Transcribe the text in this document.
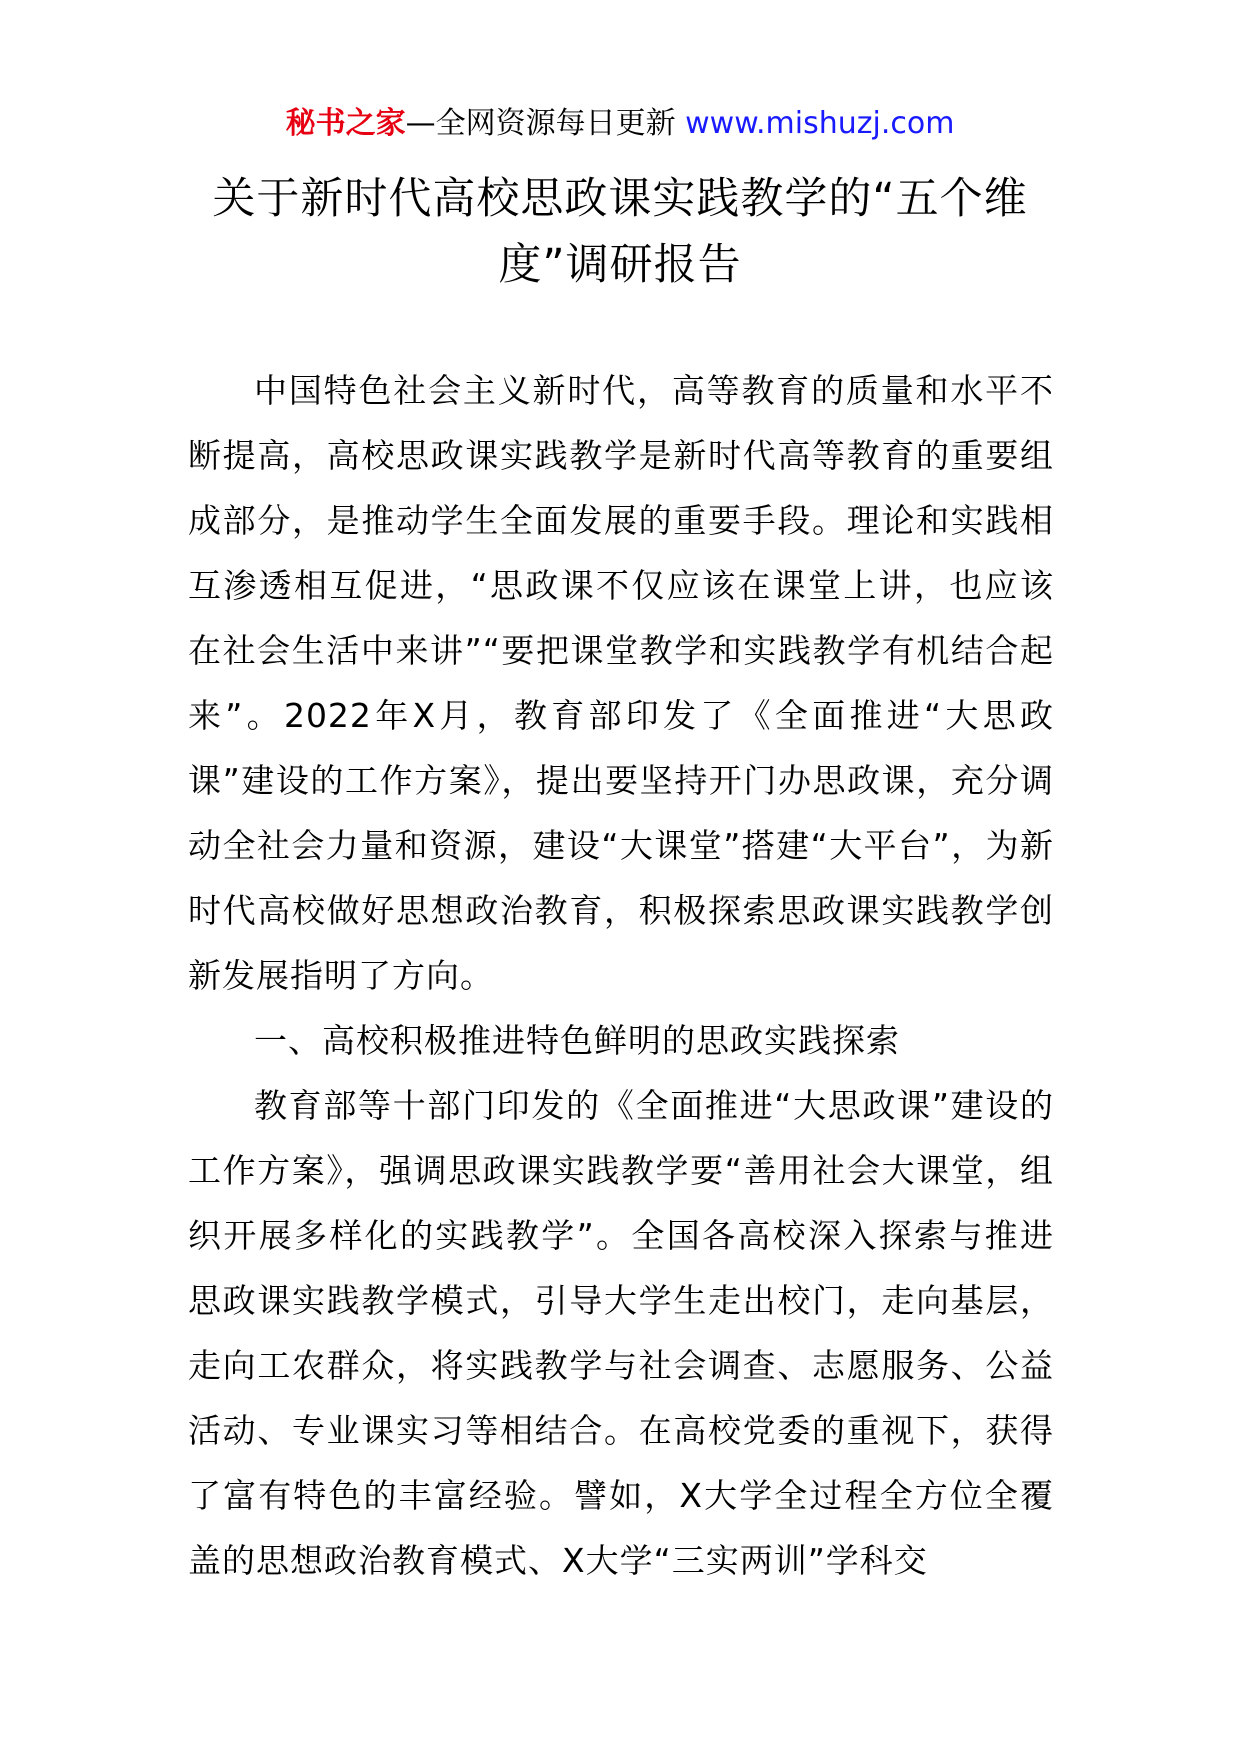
秘书之家—全网资源每日更新 www.mishuzj.com
关于新时代高校思政课实践教学的“五个维度”调研报告

中国特色社会主义新时代，高等教育的质量和水平不断提高，高校思政课实践教学是新时代高等教育的重要组成部分，是推动学生全面发展的重要手段。理论和实践相互渗透相互促进，“思政课不仅应该在课堂上讲，也应该在社会生活中来讲”“要把课堂教学和实践教学有机结合起来”。2022年X月，教育部印发了《全面推进“大思政课”建设的工作方案》，提出要坚持开门办思政课，充分调动全社会力量和资源，建设“大课堂”搭建“大平台”，为新时代高校做好思想政治教育，积极探索思政课实践教学创新发展指明了方向。

一、高校积极推进特色鲜明的思政实践探索

教育部等十部门印发的《全面推进“大思政课”建设的工作方案》，强调思政课实践教学要“善用社会大课堂，组织开展多样化的实践教学”。全国各高校深入探索与推进思政课实践教学模式，引导大学生走出校门，走向基层，走向工农群众，将实践教学与社会调查、志愿服务、公益活动、专业课实习等相结合。在高校党委的重视下，获得了富有特色的丰富经验。譬如，X大学全过程全方位全覆盖的思想政治教育模式、X大学“三实两训”学科交
